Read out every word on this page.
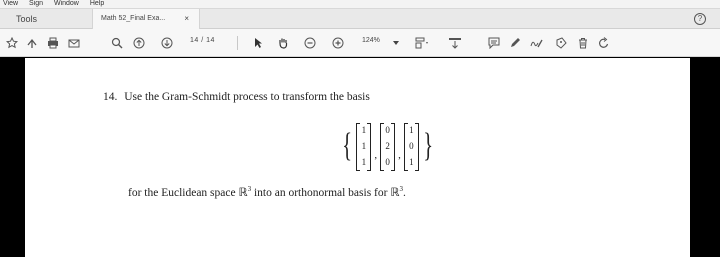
View Sign Window Help
Tools	Math 52_Final Exa... ×	?
14 / 14	124%
14. Use the Gram-Schmidt process to transform the basis
{ 1
1
1
,
0
2
0
,
1
0
1 }
for the Euclidean space ℝ$^3$ into an orthonormal basis for ℝ$^3$.
